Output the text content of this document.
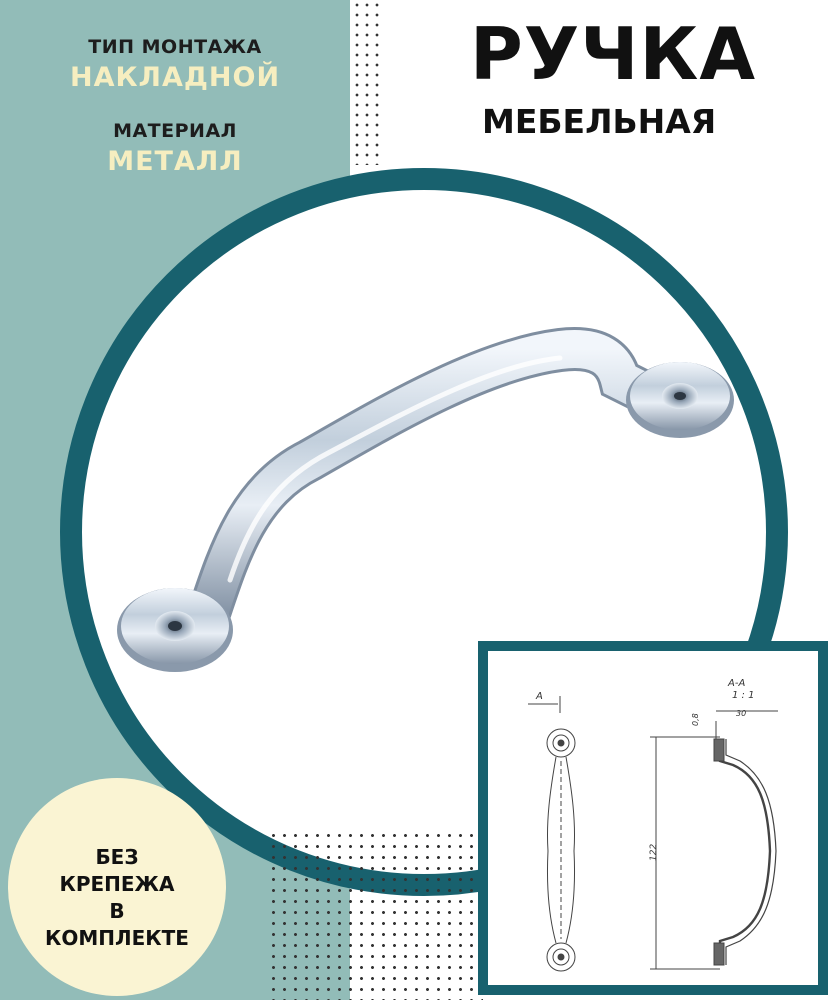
ТИП МОНТАЖА
НАКЛАДНОЙ
МАТЕРИАЛ
МЕТАЛЛ
РУЧКА
МЕБЕЛЬНАЯ
БЕЗ
КРЕПЕЖА
В
КОМПЛЕКТЕ
А
А-А
1 : 1
30
0,8
122
